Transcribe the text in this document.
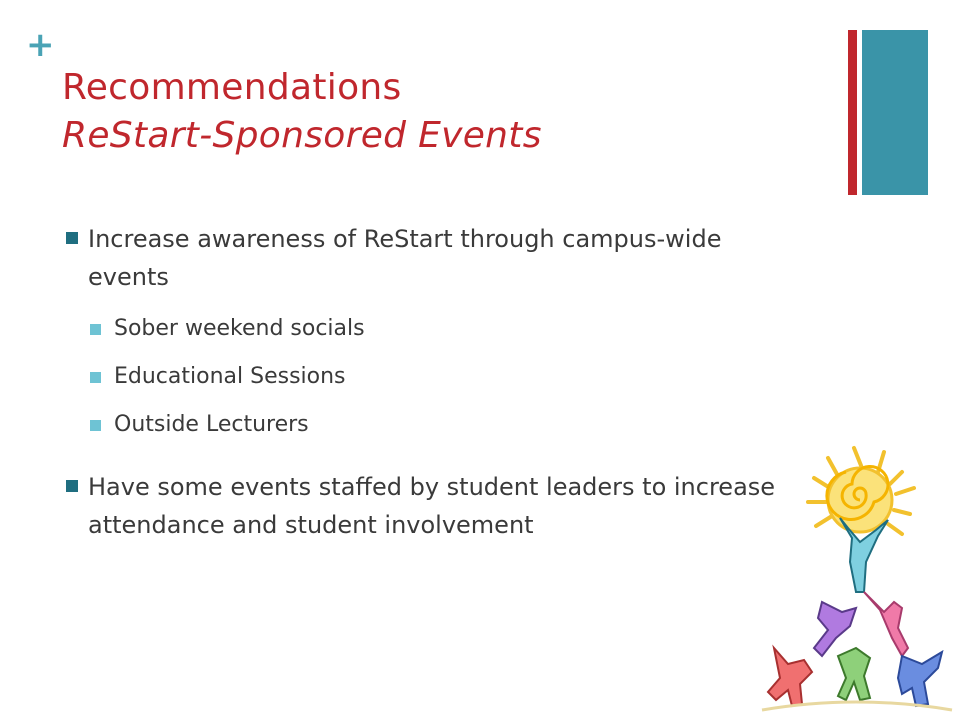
+
Recommendations
ReStart-Sponsored Events
Increase awareness of ReStart through campus-wide events
Sober weekend socials
Educational Sessions
Outside Lecturers
Have some events staffed by student leaders to increase attendance and student involvement
